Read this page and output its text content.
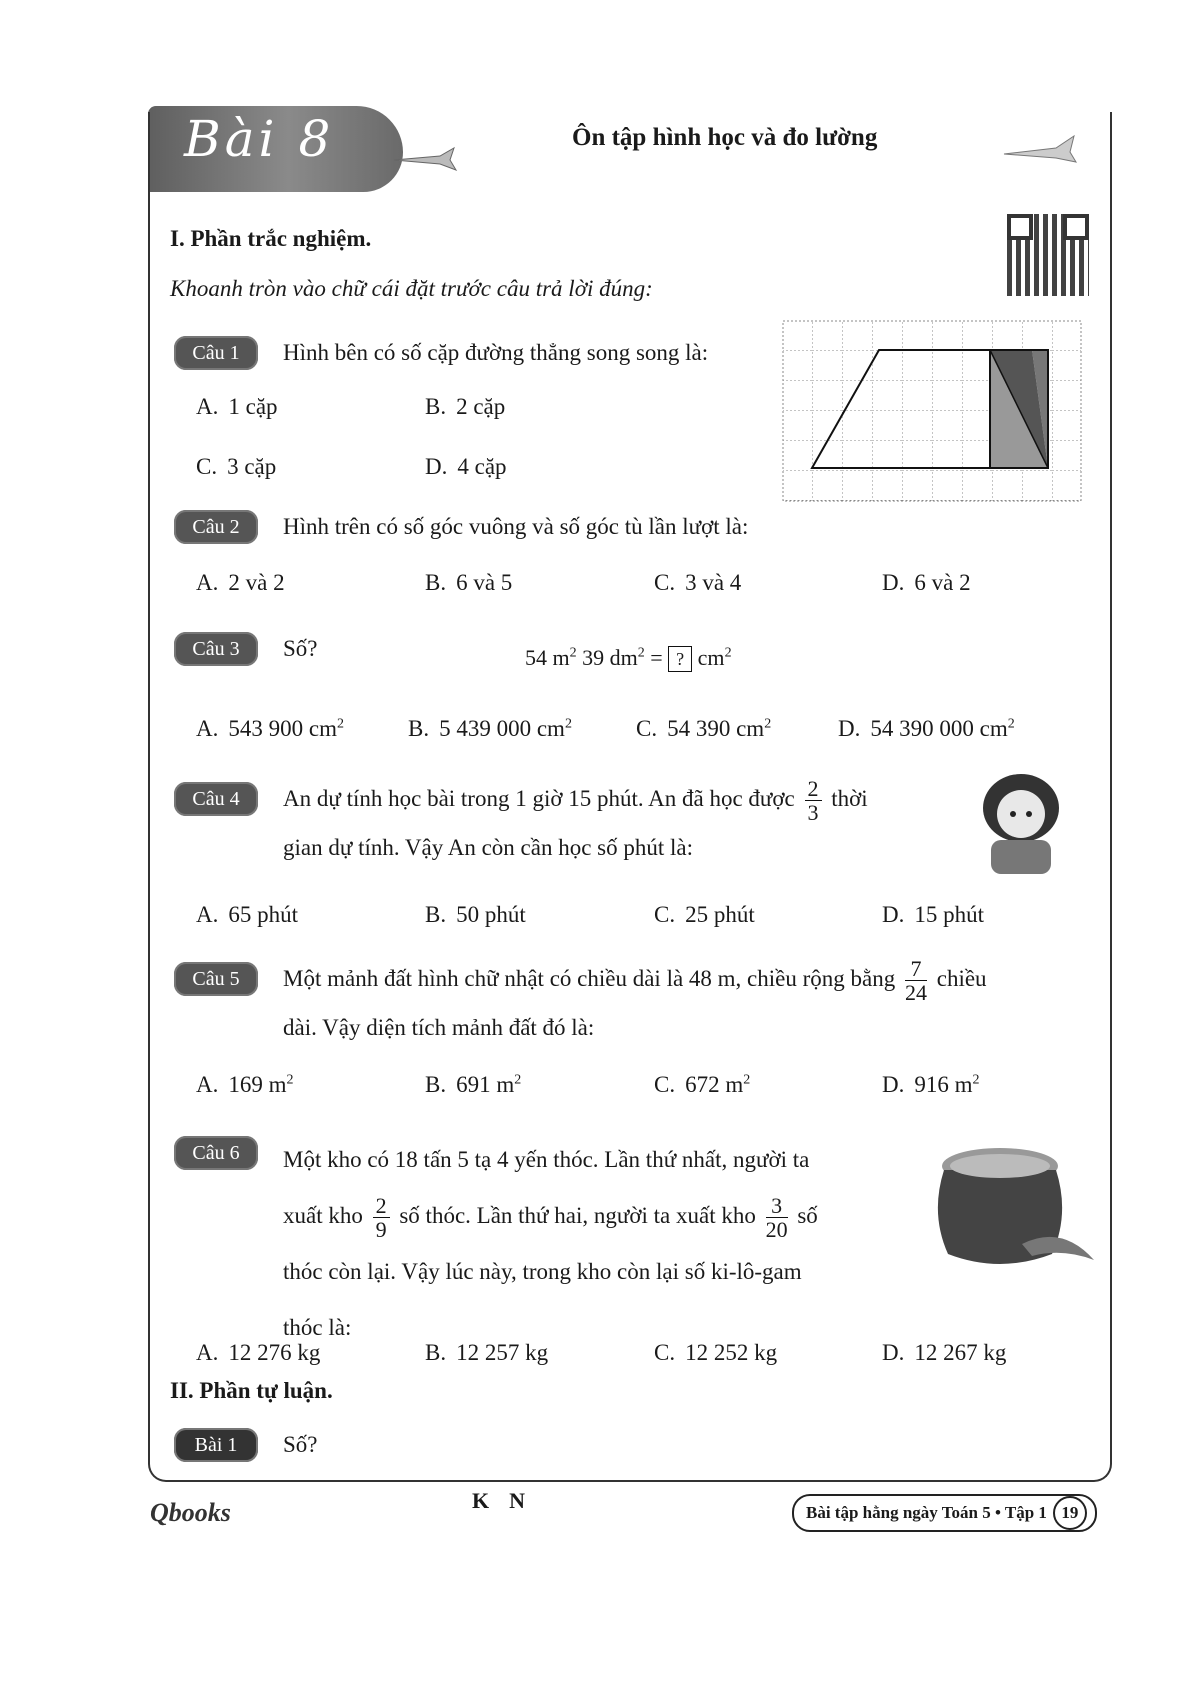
Bài 8	Ôn tập hình học và đo lường
I. Phần trắc nghiệm.
Khoanh tròn vào chữ cái đặt trước câu trả lời đúng:
Câu 1	Hình bên có số cặp đường thẳng song song là:
A. 1 cặp	B. 2 cặp
C. 3 cặp	D. 4 cặp
Câu 2	Hình trên có số góc vuông và số góc tù lần lượt là:
A. 2 và 2	B. 6 và 5	C. 3 và 4	D. 6 và 2
Câu 3	Số?	54 $m^2$ 39 $dm^2$ = ? $cm^2$
A. 543 900 $cm^2$	B. 5 439 000 $cm^2$	C. 54 390 $cm^2$	D. 54 390 000 $cm^2$
Câu 4	An dự tính học bài trong 1 giờ 15 phút. An đã học được $\frac{2}{3}$ thời
gian dự tính. Vậy An còn cần học số phút là:
A. 65 phút	B. 50 phút	C. 25 phút	D. 15 phút
Câu 5	Một mảnh đất hình chữ nhật có chiều dài là 48 m, chiều rộng bằng $\frac{7}{24}$ chiều
dài. Vậy diện tích mảnh đất đó là:
A. 169 $m^2$	B. 691 $m^2$	C. 672 $m^2$	D. 916 $m^2$
Câu 6	Một kho có 18 tấn 5 tạ 4 yến thóc. Lần thứ nhất, người ta
xuất kho $\frac{2}{9}$ số thóc. Lần thứ hai, người ta xuất kho $\frac{3}{20}$ số
thóc còn lại. Vậy lúc này, trong kho còn lại số ki-lô-gam
thóc là:
A. 12 276 kg	B. 12 257 kg	C. 12 252 kg	D. 12 267 kg
II. Phần tự luận.
Bài 1	Số?
Qbooks	KN	Bài tập hằng ngày Toán 5 • Tập 1 19
